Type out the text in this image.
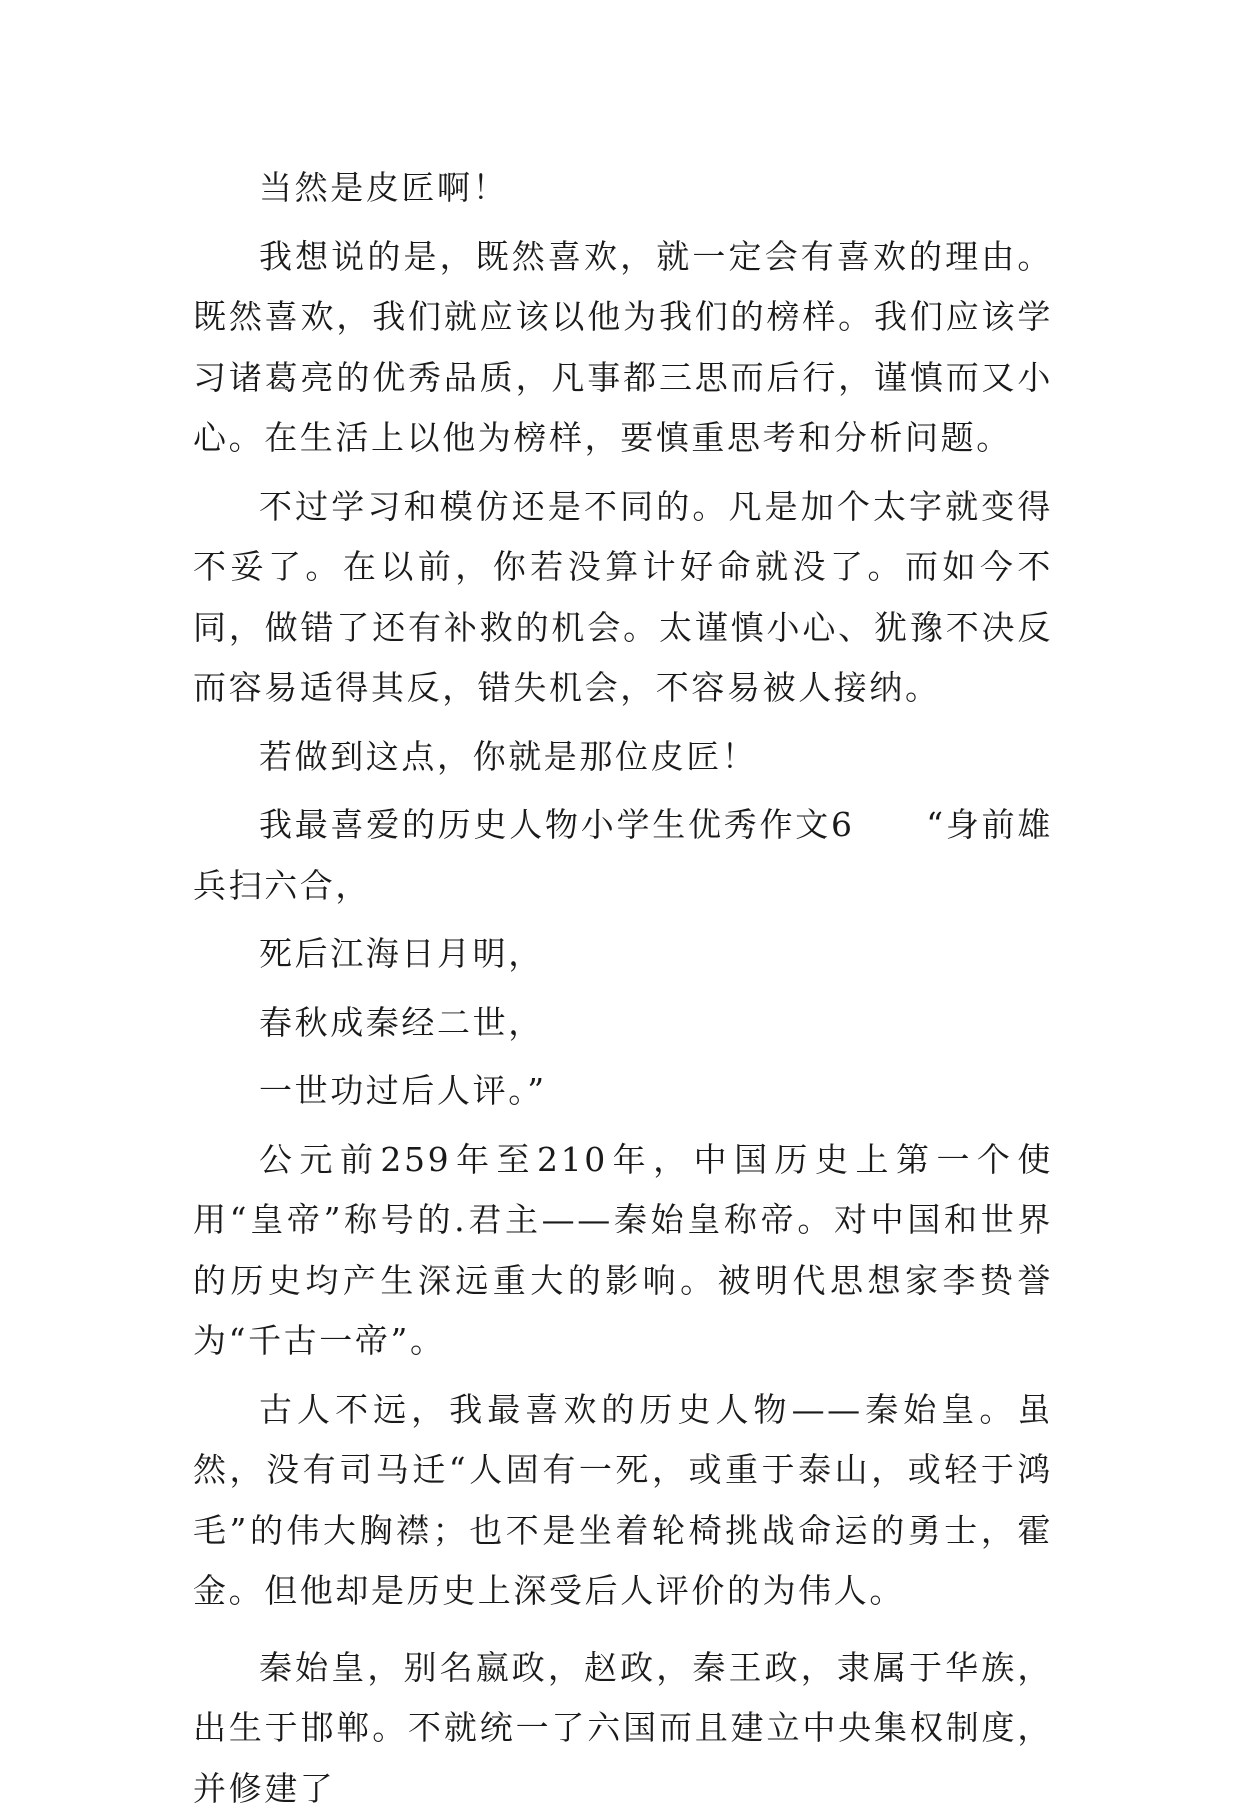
当然是皮匠啊！

我想说的是，既然喜欢，就一定会有喜欢的理由。既然喜欢，我们就应该以他为我们的榜样。我们应该学习诸葛亮的优秀品质，凡事都三思而后行，谨慎而又小心。在生活上以他为榜样，要慎重思考和分析问题。

不过学习和模仿还是不同的。凡是加个太字就变得不妥了。在以前，你若没算计好命就没了。而如今不同，做错了还有补救的机会。太谨慎小心、犹豫不决反而容易适得其反，错失机会，不容易被人接纳。

若做到这点，你就是那位皮匠！

我最喜爱的历史人物小学生优秀作文6　　“身前雄兵扫六合，

死后江海日月明，

春秋成秦经二世，

一世功过后人评。”

公元前259年至210年，中国历史上第一个使用“皇帝”称号的.君主——秦始皇称帝。对中国和世界的历史均产生深远重大的影响。被明代思想家李贽誉为“千古一帝”。

古人不远，我最喜欢的历史人物——秦始皇。虽然，没有司马迁“人固有一死，或重于泰山，或轻于鸿毛”的伟大胸襟；也不是坐着轮椅挑战命运的勇士，霍金。但他却是历史上深受后人评价的为伟人。

秦始皇，别名嬴政，赵政，秦王政，隶属于华族，出生于邯郸。不就统一了六国而且建立中央集权制度，并修建了
